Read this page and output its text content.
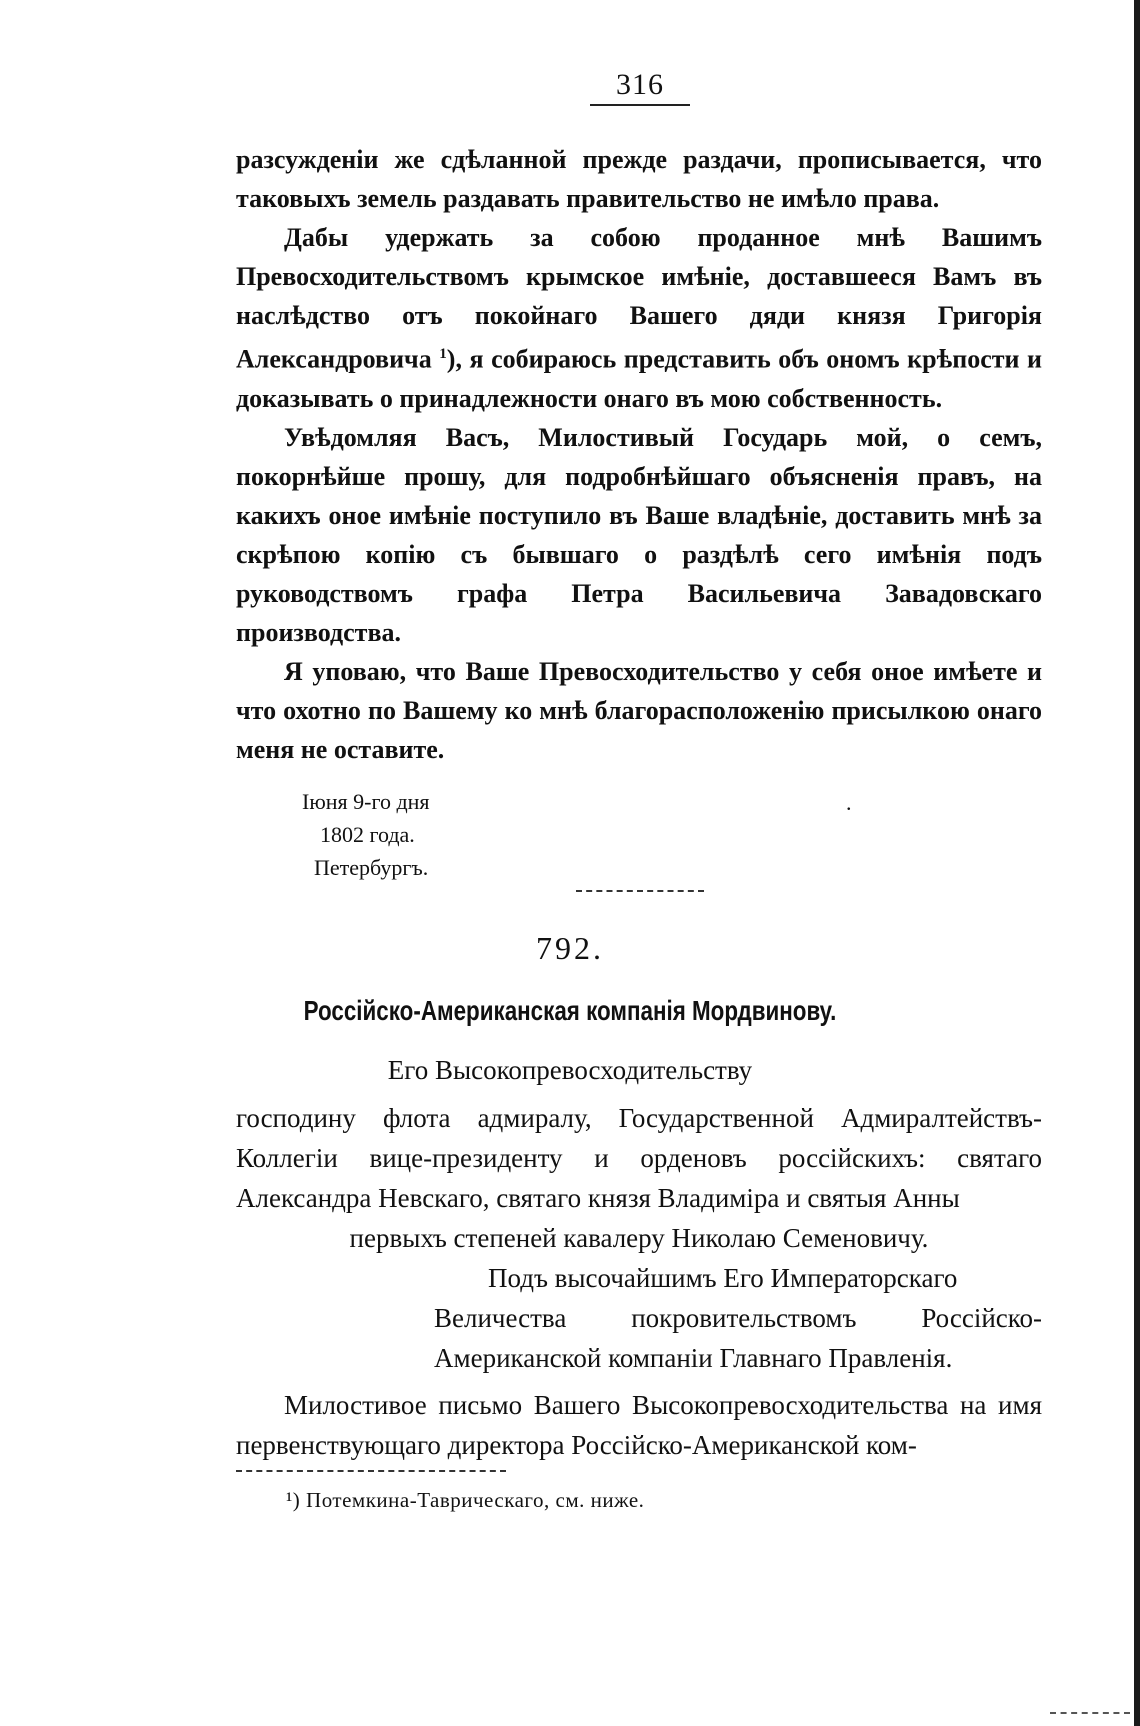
316

разсужденіи же сдѣланной прежде раздачи, прописывается, что таковыхъ земель раздавать правительство не имѣло права.

Дабы удержать за собою проданное мнѣ Вашимъ Превосходительствомъ крымское имѣніе, доставшееся Вамъ въ наслѣдство отъ покойнаго Вашего дяди князя Григорія Александровича $^1$), я собираюсь представить объ ономъ крѣпости и доказывать о принадлежности онаго въ мою собственность.

Увѣдомляя Васъ, Милостивый Государь мой, о семъ, покорнѣйше прошу, для подробнѣйшаго объясненія правъ, на какихъ оное имѣніе поступило въ Ваше владѣніе, доставить мнѣ за скрѣпою копію съ бывшаго о раздѣлѣ сего имѣнія подъ руководствомъ графа Петра Васильевича Завадовскаго производства.

Я уповаю, что Ваше Превосходительство у себя оное имѣете и что охотно по Вашему ко мнѣ благорасположенію присылкою онаго меня не оставите.

Іюня 9-го дня
1802 года.
Петербургъ.
.
792.
Россійско-Американская компанія Мордвинову.
Его Высокопревосходительству

господину флота адмиралу, Государственной Адмиралтействъ-Коллегіи вице-президенту и орденовъ россійскихъ: святаго Александра Невскаго, святаго князя Владиміра и святыя Анны

первыхъ степеней кавалеру Николаю Семеновичу.

Подъ высочайшимъ Его Императорскаго

Величества покровительствомъ Россійско-Американской компаніи Главнаго Правленія.

Милостивое письмо Вашего Высокопревосходительства на имя первенствующаго директора Россійско-Американской ком-

¹) Потемкина-Таврическаго, см. ниже.
